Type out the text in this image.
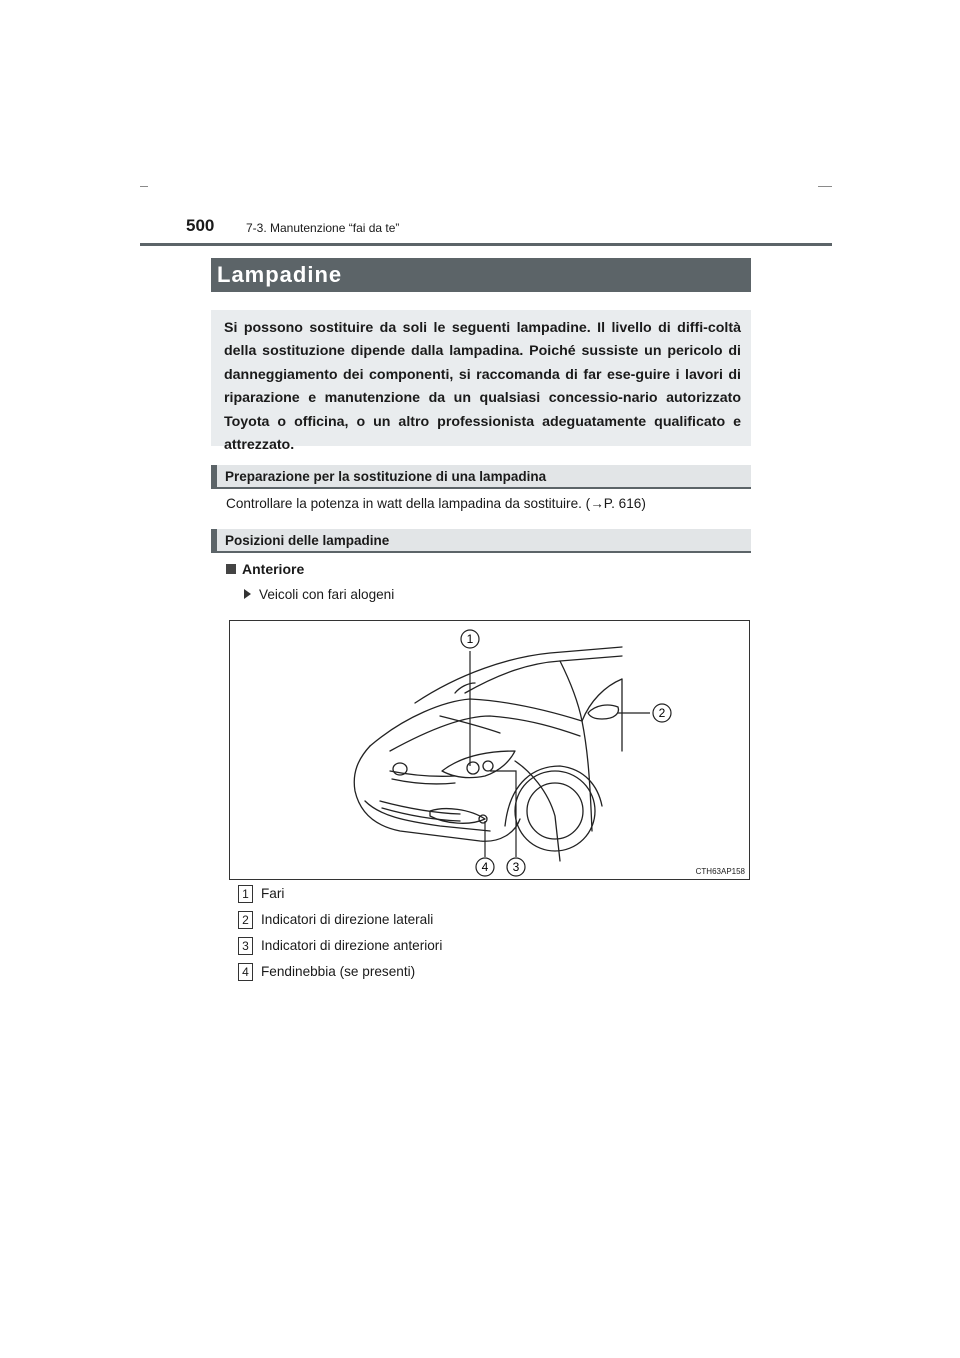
500	7-3. Manutenzione “fai da te”
Lampadine

Si possono sostituire da soli le seguenti lampadine. Il livello di diffi-coltà della sostituzione dipende dalla lampadina. Poiché sussiste un pericolo di danneggiamento dei componenti, si raccomanda di far ese-guire i lavori di riparazione e manutenzione da un qualsiasi concessio-nario autorizzato Toyota o officina, o un altro professionista adeguatamente qualificato e attrezzato.

Preparazione per la sostituzione di una lampadina
Controllare la potenza in watt della lampadina da sostituire. (→P. 616)
Posizioni delle lampadine
Anteriore
Veicoli con fari alogeni
1
2
3
4	CTH63AP158
1 Fari
2 Indicatori di direzione laterali
3 Indicatori di direzione anteriori
4 Fendinebbia (se presenti)
